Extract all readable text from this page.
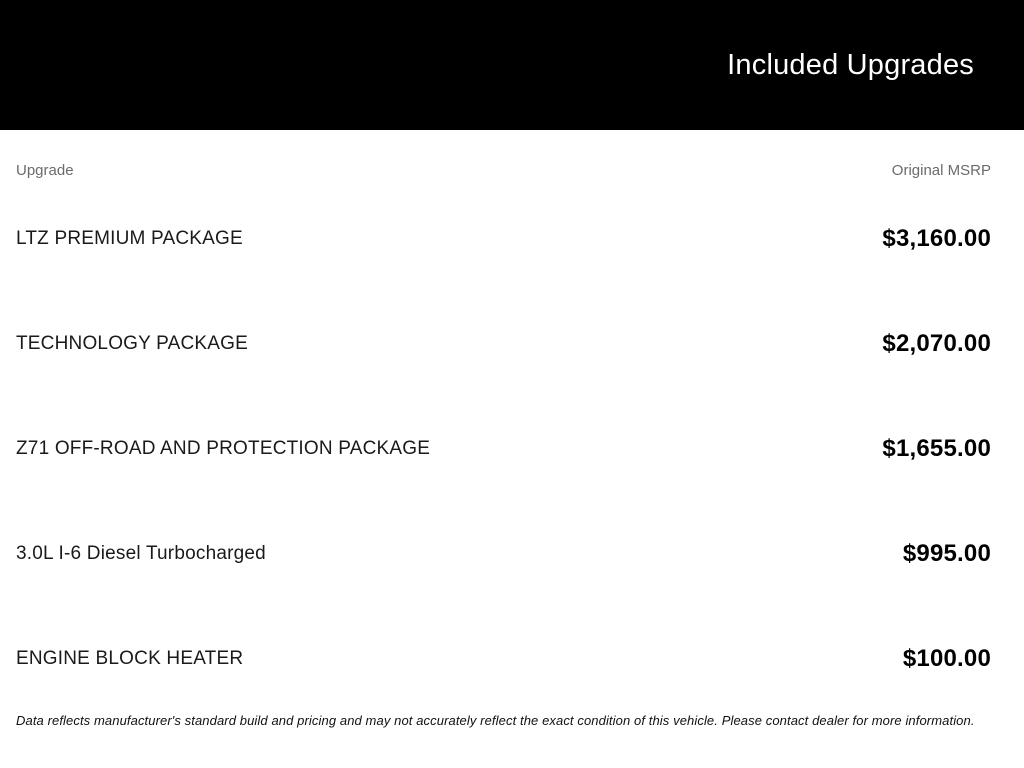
Included Upgrades
Upgrade	Original MSRP
LTZ PREMIUM PACKAGE	$3,160.00
TECHNOLOGY PACKAGE	$2,070.00
Z71 OFF-ROAD AND PROTECTION PACKAGE	$1,655.00
3.0L I-6 Diesel Turbocharged	$995.00
ENGINE BLOCK HEATER	$100.00

Data reflects manufacturer's standard build and pricing and may not accurately reflect the exact condition of this vehicle. Please contact dealer for more information.
